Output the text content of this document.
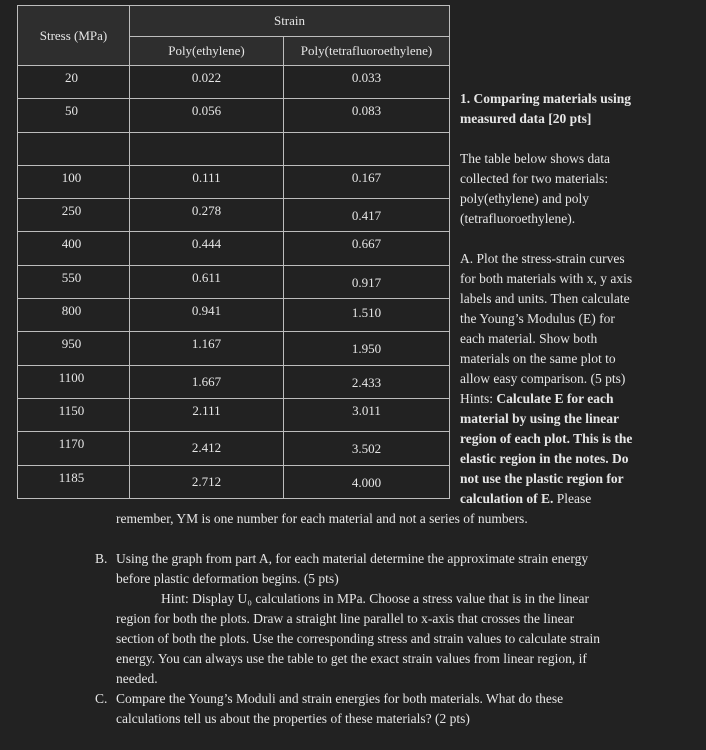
Stress (MPa)	Strain	

	Poly(ethylene)	Poly(tetrafluoroethylene)

20	0.022	0.033

50	0.056	0.083

100	0.111	0.167

250	0.278	0.417

400	0.444	0.667

550	0.611	0.917

800	0.941	1.510

950	1.167	1.950

1100	1.667	2.433

1150	2.111	3.011

1170	2.412	3.502

1185	2.712	4.000

1. Comparing materials using

measured data [20 pts]

The table below shows data

collected for two materials:

poly(ethylene) and poly

(tetrafluoroethylene).

A. Plot the stress-strain curves

for both materials with x, y axis

labels and units. Then calculate

the Young’s Modulus (E) for

each material. Show both

materials on the same plot to

allow easy comparison. (5 pts)

Hints: Calculate E for each

material by using the linear

region of each plot. This is the

elastic region in the notes. Do

not use the plastic region for

calculation of E. Please

remember, YM is one number for each material and not a series of numbers.
B. Using the graph from part A, for each material determine the approximate strain energy
before plastic deformation begins. (5 pts)
Hint: Display U₀ calculations in MPa. Choose a stress value that is in the linear
region for both the plots. Draw a straight line parallel to x-axis that crosses the linear
section of both the plots. Use the corresponding stress and strain values to calculate strain
energy. You can always use the table to get the exact strain values from linear region, if
needed.
C. Compare the Young’s Moduli and strain energies for both materials. What do these
calculations tell us about the properties of these materials? (2 pts)
